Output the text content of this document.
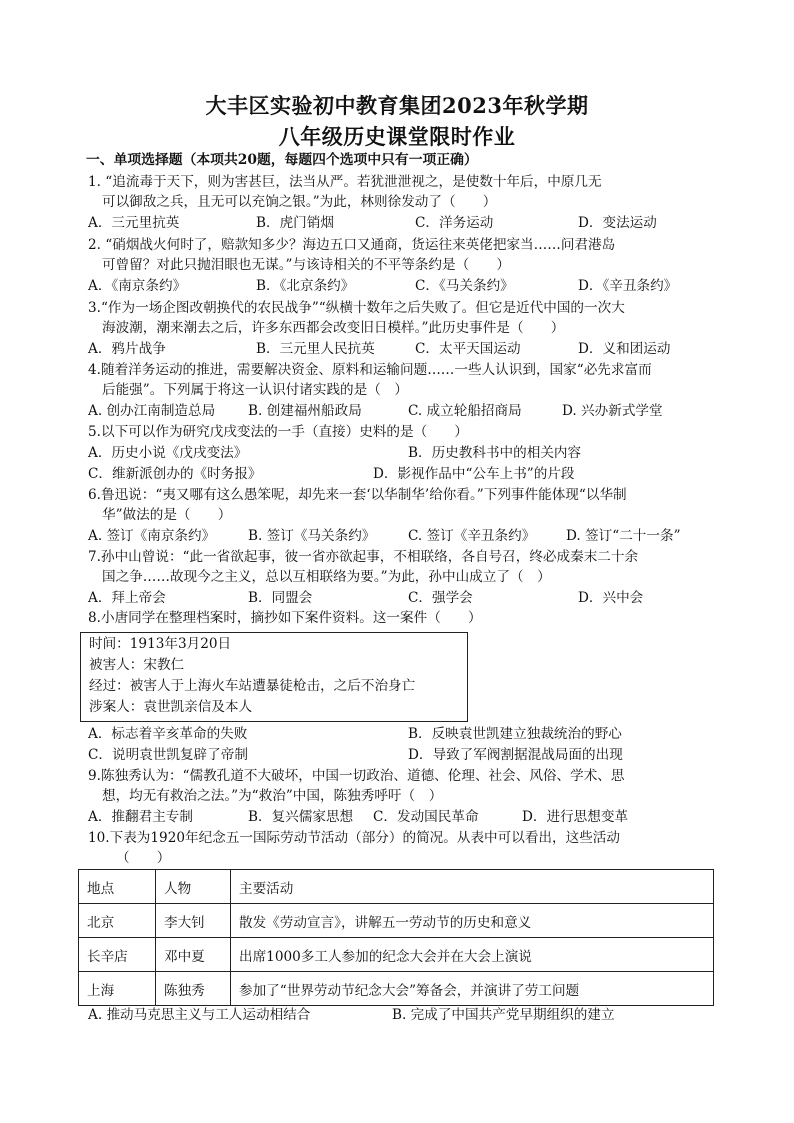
大丰区实验初中教育集团2023年秋学期
八年级历史课堂限时作业
一、单项选择题（本项共20题，每题四个选项中只有一项正确）
1. “追流毒于天下，则为害甚巨，法当从严。若犹泄泄视之，是使数十年后，中原几无
可以御敌之兵，且无可以充饷之银。”为此，林则徐发动了（　　）
A．三元里抗英	B．虎门销烟	C．洋务运动	D．变法运动
2. “硝烟战火何时了，赔款知多少？海边五口又通商，货运往来英佬把家当……问君港岛
可曾留？对此只抛泪眼也无谋。”与该诗相关的不平等条约是（　　）
A．《南京条约》	B．《北京条约》	C．《马关条约》	D．《辛丑条约》
3.“作为一场企图改朝换代的农民战争”“纵横十数年之后失败了。但它是近代中国的一次大
海波潮，潮来潮去之后，许多东西都会改变旧日模样。”此历史事件是（　　）
A．鸦片战争	B．三元里人民抗英	C．太平天国运动	D．义和团运动
4.随着洋务运动的推进，需要解决资金、原料和运输问题……一些人认识到，国家“必先求富而
后能强”。下列属于将这一认识付诸实践的是（　）
A. 创办江南制造总局 B. 创建福州船政局	C. 成立轮船招商局	D. 兴办新式学堂
5.以下可以作为研究戊戌变法的一手（直接）史料的是（　　）
A．历史小说《戊戌变法》	B．历史教科书中的相关内容
C．维新派创办的《时务报》	D．影视作品中“公车上书”的片段
6.鲁迅说：“夷又哪有这么愚笨呢，却先来一套‘以华制华’给你看。”下列事件能体现“以华制
华”做法的是（　　）
A. 签订《南京条约》 B. 签订《马关条约》 C. 签订《辛丑条约》 D. 签订“二十一条”
7.孙中山曾说：“此一省欲起事，彼一省亦欲起事，不相联络，各自号召，终必成秦末二十余
国之争……故现今之主义，总以互相联络为要。”为此，孙中山成立了（　）
A．拜上帝会	B．同盟会	C．强学会	D．兴中会
8.小唐同学在整理档案时，摘抄如下案件资料。这一案件（　　）
时间：1913年3月20日
被害人：宋教仁
经过：被害人于上海火车站遭暴徒枪击，之后不治身亡
涉案人：袁世凯亲信及本人
A．标志着辛亥革命的失败	B．反映袁世凯建立独裁统治的野心
C．说明袁世凯复辟了帝制	D．导致了军阀割据混战局面的出现
9.陈独秀认为：“儒教孔道不大破坏，中国一切政治、道德、伦理、社会、风俗、学术、思
想，均无有救治之法。”为“救治”中国，陈独秀呼吁（　）
A．推翻君主专制	B．复兴儒家思想 C．发动国民革命	D．进行思想变革
10.下表为1920年纪念五一国际劳动节活动（部分）的简况。从表中可以看出，这些活动
（　　）
地点	人物	主要活动
北京	李大钊	散发《劳动宣言》，讲解五一劳动节的历史和意义
长辛店	邓中夏	出席1000多工人参加的纪念大会并在大会上演说
上海	陈独秀	参加了“世界劳动节纪念大会”筹备会，并演讲了劳工问题
A. 推动马克思主义与工人运动相结合	B. 完成了中国共产党早期组织的建立
